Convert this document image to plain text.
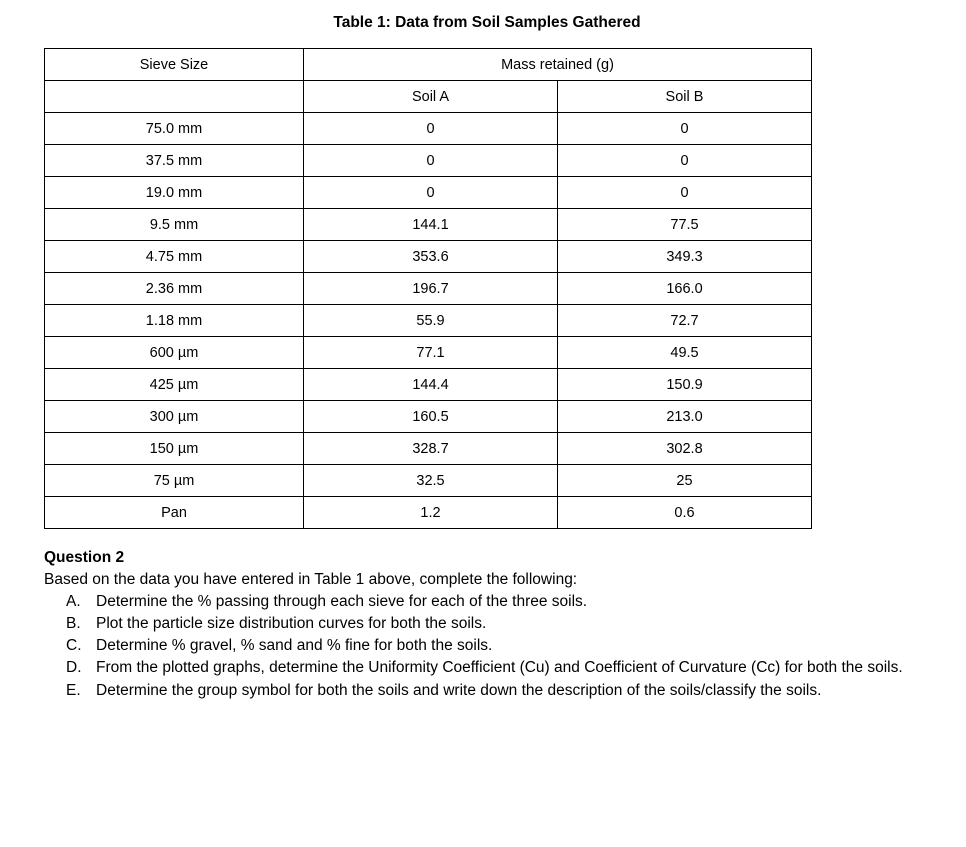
Table 1: Data from Soil Samples Gathered
Sieve Size	Mass retained (g)	
	Soil A	Soil B
75.0 mm	0	0
37.5 mm	0	0
19.0 mm	0	0
9.5 mm	144.1	77.5
4.75 mm	353.6	349.3
2.36 mm	196.7	166.0
1.18 mm	55.9	72.7
600 µm	77.1	49.5
425 µm	144.4	150.9
300 µm	160.5	213.0
150 µm	328.7	302.8
75 µm	32.5	25
Pan	1.2	0.6
Question 2
Based on the data you have entered in Table 1 above, complete the following:
A. Determine the % passing through each sieve for each of the three soils.
B. Plot the particle size distribution curves for both the soils.
C. Determine % gravel, % sand and % fine for both the soils.
D. From the plotted graphs, determine the Uniformity Coefficient (Cu) and Coefficient of Curvature (Cc) for both the soils.
E. Determine the group symbol for both the soils and write down the description of the soils/classify the soils.
